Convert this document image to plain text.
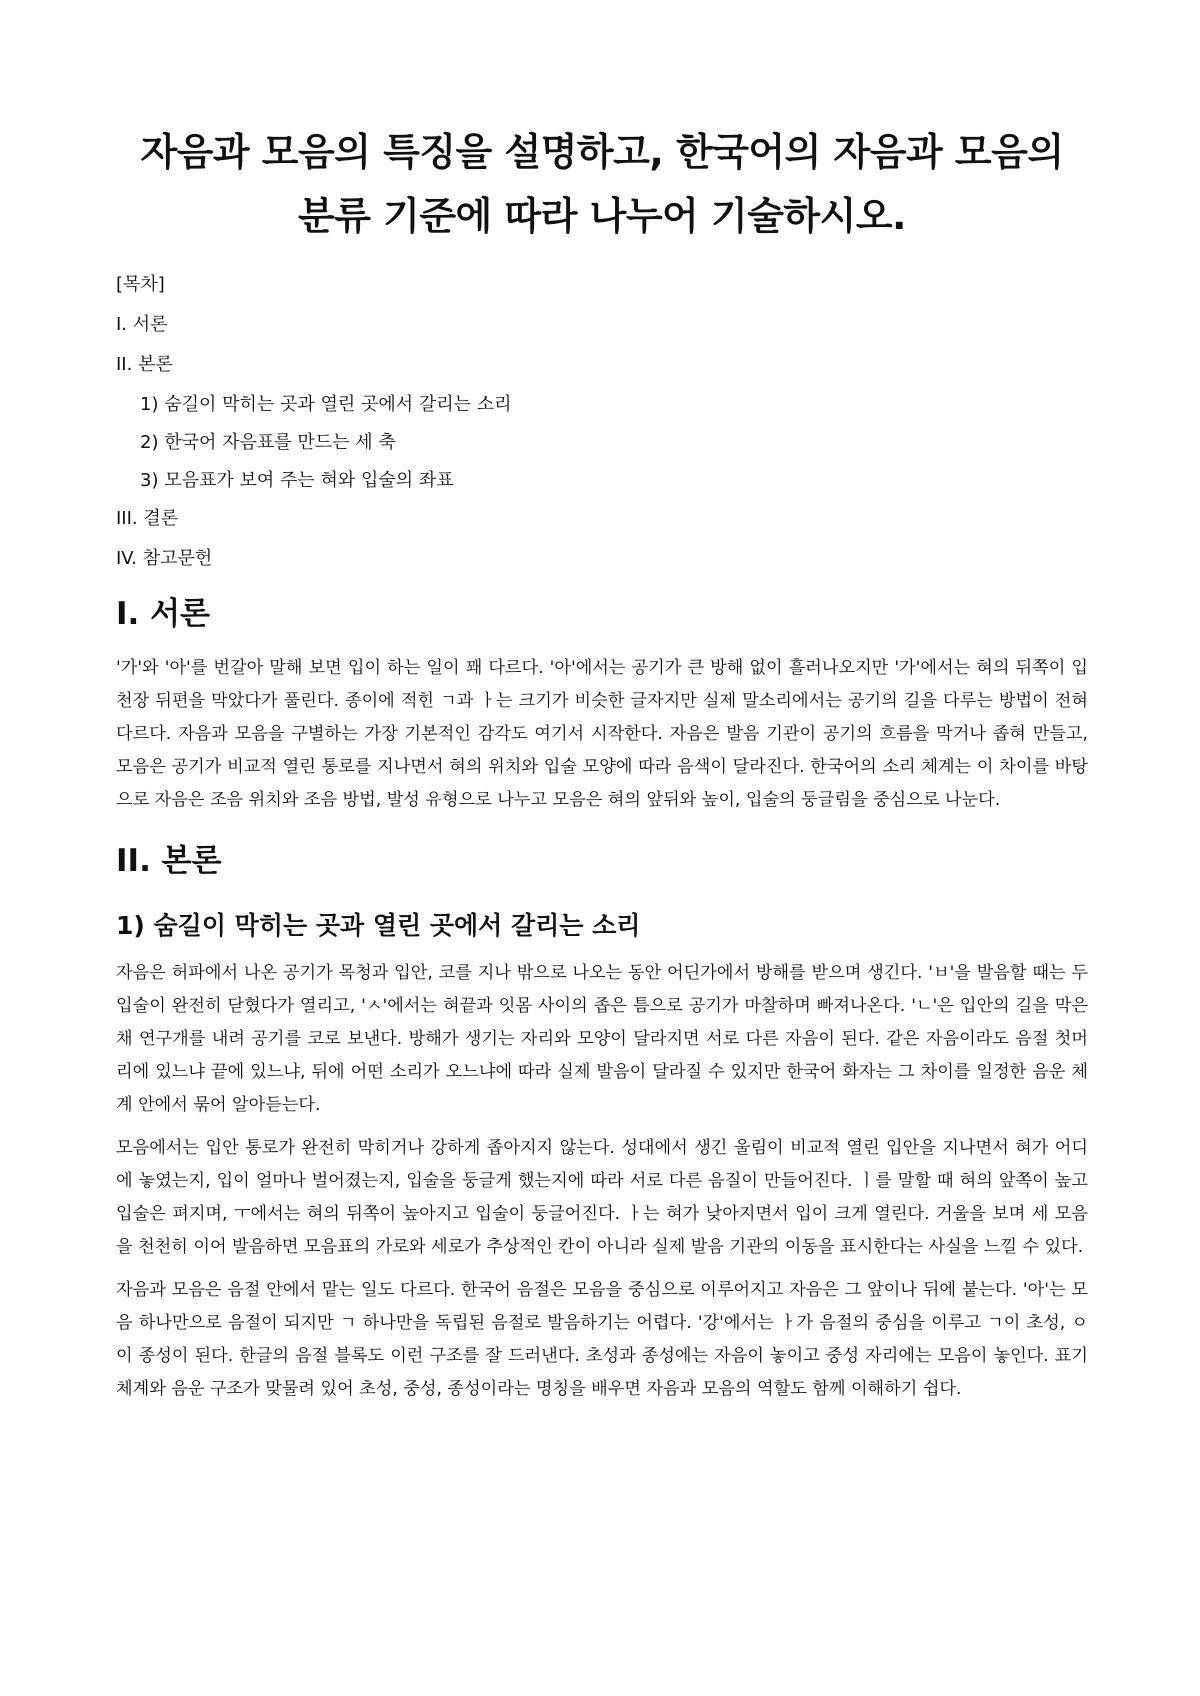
자음과 모음의 특징을 설명하고, 한국어의 자음과 모음의 분류 기준에 따라 나누어 기술하시오.
[목차]
I. 서론
II. 본론
1) 숨길이 막히는 곳과 열린 곳에서 갈리는 소리
2) 한국어 자음표를 만드는 세 축
3) 모음표가 보여 주는 혀와 입술의 좌표
III. 결론
IV. 참고문헌
I. 서론

'가'와 '아'를 번갈아 말해 보면 입이 하는 일이 꽤 다르다. '아'에서는 공기가 큰 방해 없이 흘러나오지만 '가'에서는 혀의 뒤쪽이 입천장 뒤편을 막았다가 풀린다. 종이에 적힌 ㄱ과 ㅏ는 크기가 비슷한 글자지만 실제 말소리에서는 공기의 길을 다루는 방법이 전혀 다르다. 자음과 모음을 구별하는 가장 기본적인 감각도 여기서 시작한다. 자음은 발음 기관이 공기의 흐름을 막거나 좁혀 만들고, 모음은 공기가 비교적 열린 통로를 지나면서 혀의 위치와 입술 모양에 따라 음색이 달라진다. 한국어의 소리 체계는 이 차이를 바탕으로 자음은 조음 위치와 조음 방법, 발성 유형으로 나누고 모음은 혀의 앞뒤와 높이, 입술의 둥글림을 중심으로 나눈다.

II. 본론
1) 숨길이 막히는 곳과 열린 곳에서 갈리는 소리

자음은 허파에서 나온 공기가 목청과 입안, 코를 지나 밖으로 나오는 동안 어딘가에서 방해를 받으며 생긴다. 'ㅂ'을 발음할 때는 두 입술이 완전히 닫혔다가 열리고, 'ㅅ'에서는 혀끝과 잇몸 사이의 좁은 틈으로 공기가 마찰하며 빠져나온다. 'ㄴ'은 입안의 길을 막은 채 연구개를 내려 공기를 코로 보낸다. 방해가 생기는 자리와 모양이 달라지면 서로 다른 자음이 된다. 같은 자음이라도 음절 첫머리에 있느냐 끝에 있느냐, 뒤에 어떤 소리가 오느냐에 따라 실제 발음이 달라질 수 있지만 한국어 화자는 그 차이를 일정한 음운 체계 안에서 묶어 알아듣는다.

모음에서는 입안 통로가 완전히 막히거나 강하게 좁아지지 않는다. 성대에서 생긴 울림이 비교적 열린 입안을 지나면서 혀가 어디에 놓였는지, 입이 얼마나 벌어졌는지, 입술을 둥글게 했는지에 따라 서로 다른 음질이 만들어진다. ㅣ를 말할 때 혀의 앞쪽이 높고 입술은 펴지며, ㅜ에서는 혀의 뒤쪽이 높아지고 입술이 둥글어진다. ㅏ는 혀가 낮아지면서 입이 크게 열린다. 거울을 보며 세 모음을 천천히 이어 발음하면 모음표의 가로와 세로가 추상적인 칸이 아니라 실제 발음 기관의 이동을 표시한다는 사실을 느낄 수 있다.

자음과 모음은 음절 안에서 맡는 일도 다르다. 한국어 음절은 모음을 중심으로 이루어지고 자음은 그 앞이나 뒤에 붙는다. '아'는 모음 하나만으로 음절이 되지만 ㄱ 하나만을 독립된 음절로 발음하기는 어렵다. '강'에서는 ㅏ가 음절의 중심을 이루고 ㄱ이 초성, ㅇ이 종성이 된다. 한글의 음절 블록도 이런 구조를 잘 드러낸다. 초성과 종성에는 자음이 놓이고 중성 자리에는 모음이 놓인다. 표기 체계와 음운 구조가 맞물려 있어 초성, 중성, 종성이라는 명칭을 배우면 자음과 모음의 역할도 함께 이해하기 쉽다.
